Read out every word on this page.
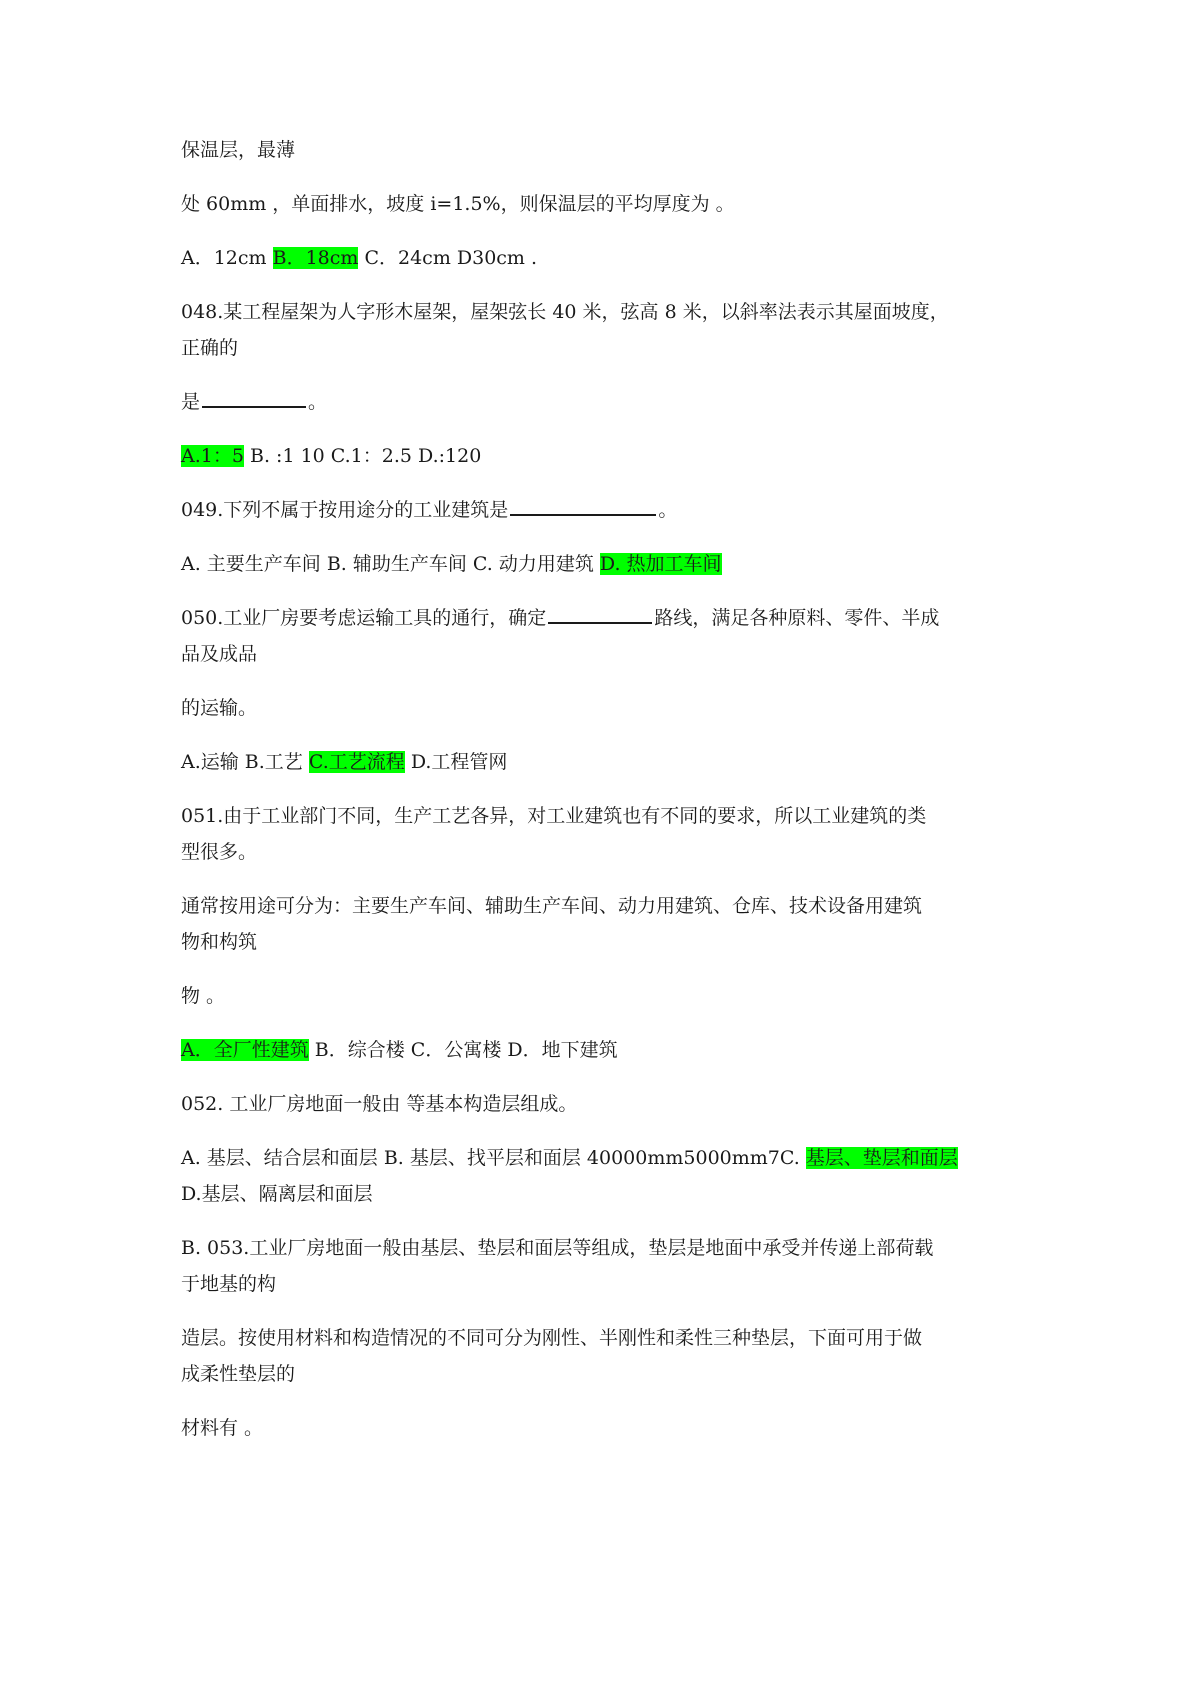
保温层，最薄
处 60mm ，单面排水，坡度 i=1.5%，则保温层的平均厚度为 。
A．12cm B．18cm C．24cm D30cm .
048.某工程屋架为人字形木屋架，屋架弦长 40 米，弦高 8 米，以斜率法表示其屋面坡度，
正确的
是	。
A.1：5 B. :1 10 C.1：2.5 D.:120
049.下列不属于按用途分的工业建筑是	。
A. 主要生产车间 B. 辅助生产车间 C. 动力用建筑 D. 热加工车间
050.工业厂房要考虑运输工具的通行，确定	路线，满足各种原料、零件、半成
品及成品
的运输。
A.运输 B.工艺 C.工艺流程 D.工程管网
051.由于工业部门不同，生产工艺各异，对工业建筑也有不同的要求，所以工业建筑的类
型很多。
通常按用途可分为：主要生产车间、辅助生产车间、动力用建筑、仓库、技术设备用建筑
物和构筑
物 。
A．全厂性建筑 B．综合楼 C．公寓楼 D．地下建筑
052. 工业厂房地面一般由 等基本构造层组成。
A. 基层、结合层和面层 B. 基层、找平层和面层 40000mm5000mm7C. 基层、垫层和面层
D.基层、隔离层和面层
B. 053.工业厂房地面一般由基层、垫层和面层等组成，垫层是地面中承受并传递上部荷载
于地基的构
造层。按使用材料和构造情况的不同可分为刚性、半刚性和柔性三种垫层，下面可用于做
成柔性垫层的
材料有 。
